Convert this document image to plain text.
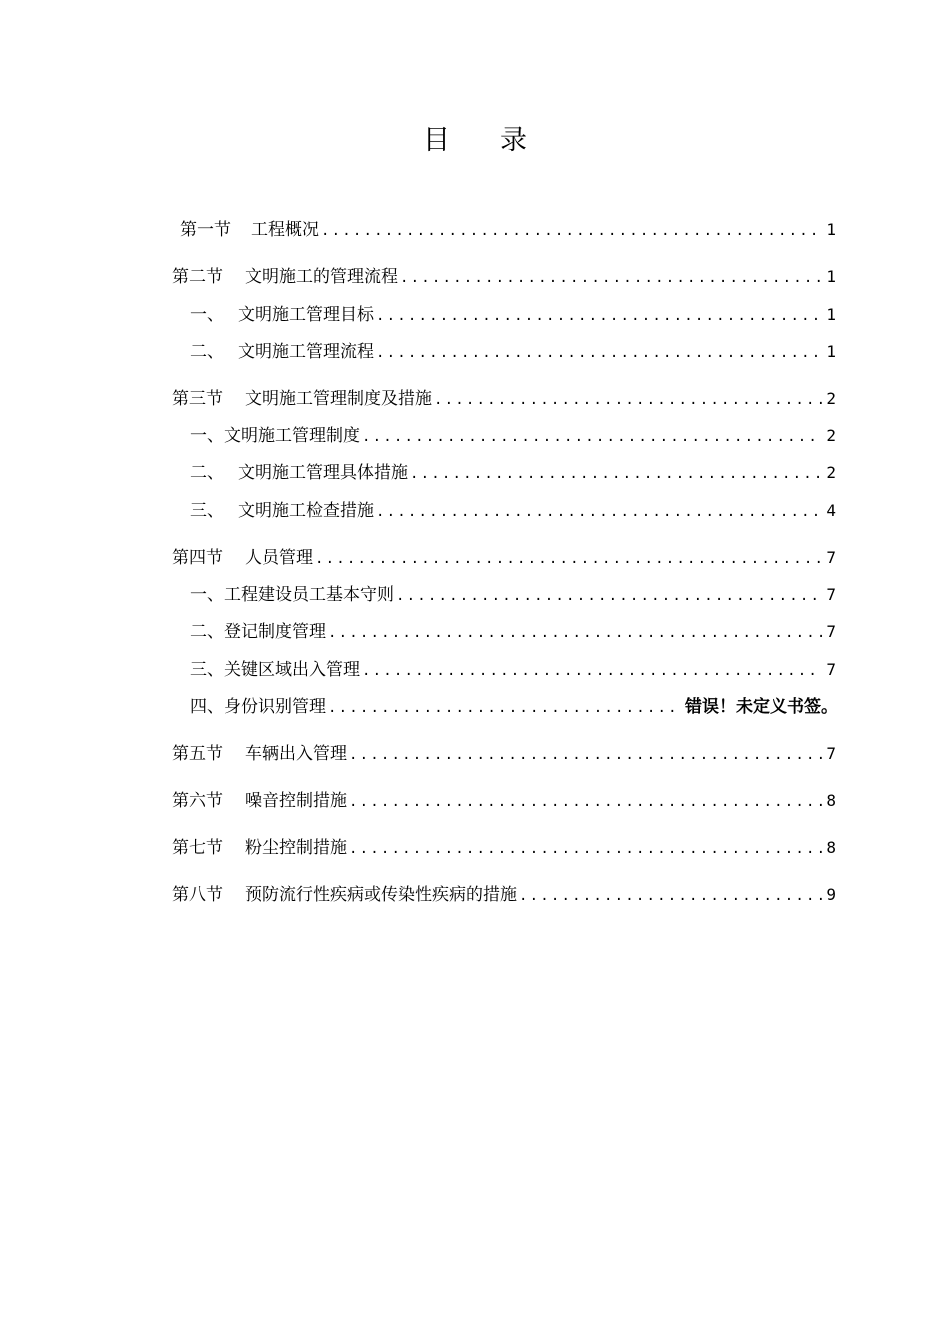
目 录
第一节 工程概况 .....	1
第二节 文明施工的管理流程 .....	1
一、 文明施工管理目标 .....	1
二、 文明施工管理流程 .....	1
第三节 文明施工管理制度及措施 .....	2
一、文明施工管理制度 .....	2
二、 文明施工管理具体措施 .....	2
三、 文明施工检查措施 .....	4
第四节 人员管理 .....	7
一、工程建设员工基本守则 .....	7
二、登记制度管理 .....	7
三、关键区域出入管理 .....	7
四、身份识别管理 .....	错误！未定义书签。
第五节 车辆出入管理 .....	7
第六节 噪音控制措施 .....	8
第七节 粉尘控制措施 .....	8
第八节 预防流行性疾病或传染性疾病的措施 .....	9
